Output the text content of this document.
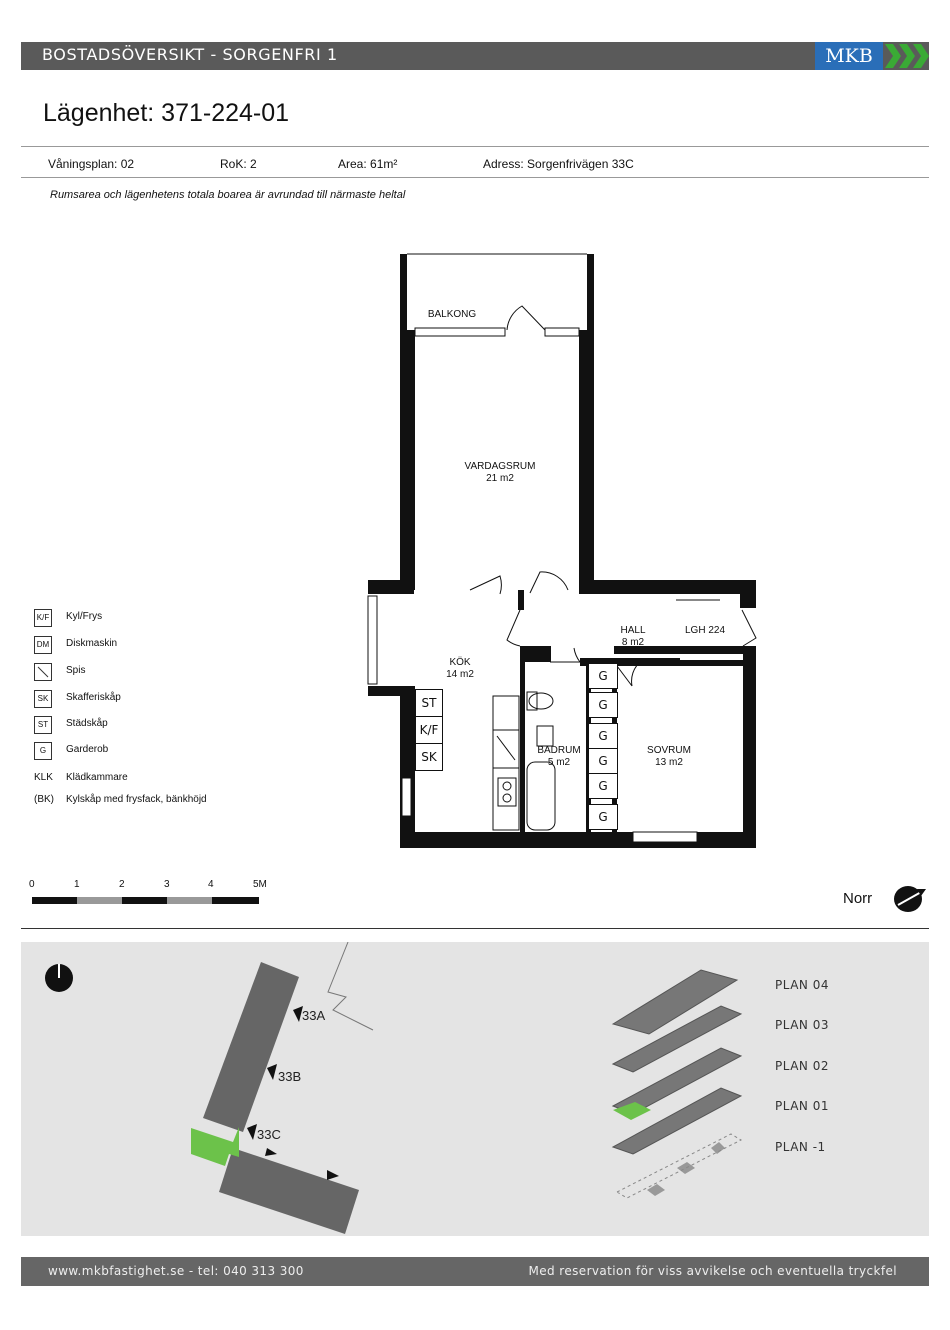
BOSTADSÖVERSIKT - SORGENFRI 1	MKB
Lägenhet: 371-224-01
Våningsplan: 02	RoK: 2	Area: 61m²	Adress: Sorgenfrivägen 33C
Rumsarea och lägenhetens totala boarea är avrundad till närmaste heltal
BALKONG
VARDAGSRUM
21 m2
KÖK
14 m2
HALL
8 m2
LGH 224
BADRUM
5 m2
SOVRUM
13 m2
ST
K/F
SK
G
G
G
G
G
G
K/F Kyl/Frys
DM Diskmaskin
Spis
SK	Skafferiskåp
ST	Städskåp
G	Garderob
KLK Klädkammare
(BK) Kylskåp med frysfack, bänkhöjd
0	1	2	3	4	5M
Norr
33A
33B
33C
PLAN 04
PLAN 03
PLAN 02
PLAN 01
PLAN -1
www.mkbfastighet.se - tel: 040 313 300	Med reservation för viss avvikelse och eventuella tryckfel
